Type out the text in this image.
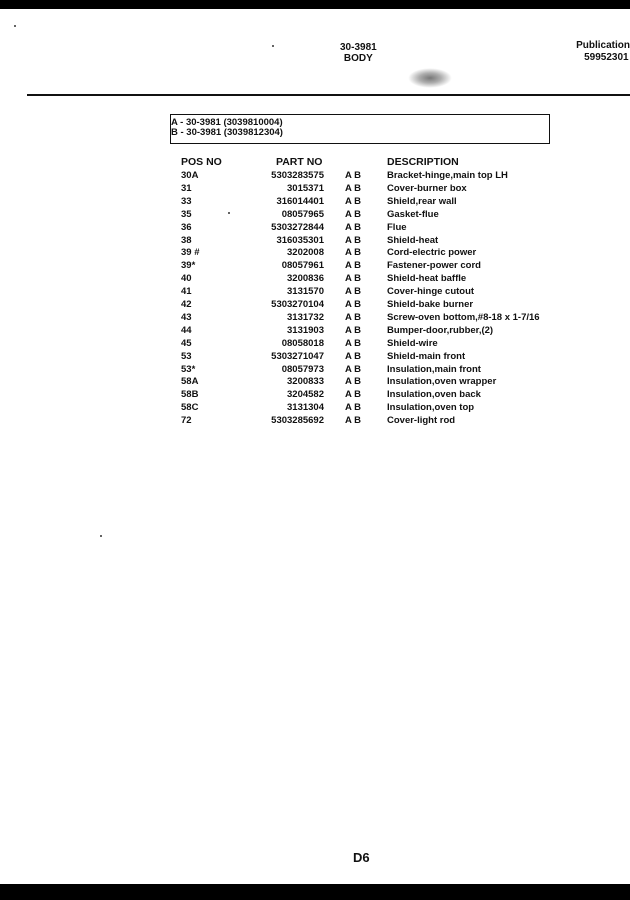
30-3981
BODY
Publication
59952301
A - 30-3981 (3039810004)
B - 30-3981 (3039812304)
POS NO	PART NO	DESCRIPTION
30A	5303283575 A B	Bracket-hinge,main top LH
31	3015371 A B	Cover-burner box
33	316014401 A B	Shield,rear wall
35	08057965 A B	Gasket-flue
36	5303272844 A B	Flue
38	316035301 A B	Shield-heat
39 #	3202008 A B	Cord-electric power
39*	08057961 A B	Fastener-power cord
40	3200836 A B	Shield-heat baffle
41	3131570 A B	Cover-hinge cutout
42	5303270104 A B	Shield-bake burner
43	3131732 A B	Screw-oven bottom,#8-18 x 1-7/16
44	3131903 A B	Bumper-door,rubber,(2)
45	08058018 A B	Shield-wire
53	5303271047 A B	Shield-main front
53*	08057973 A B	Insulation,main front
58A	3200833 A B	Insulation,oven wrapper
58B	3204582 A B	Insulation,oven back
58C	3131304 A B	Insulation,oven top
72	5303285692 A B	Cover-light rod
D6
